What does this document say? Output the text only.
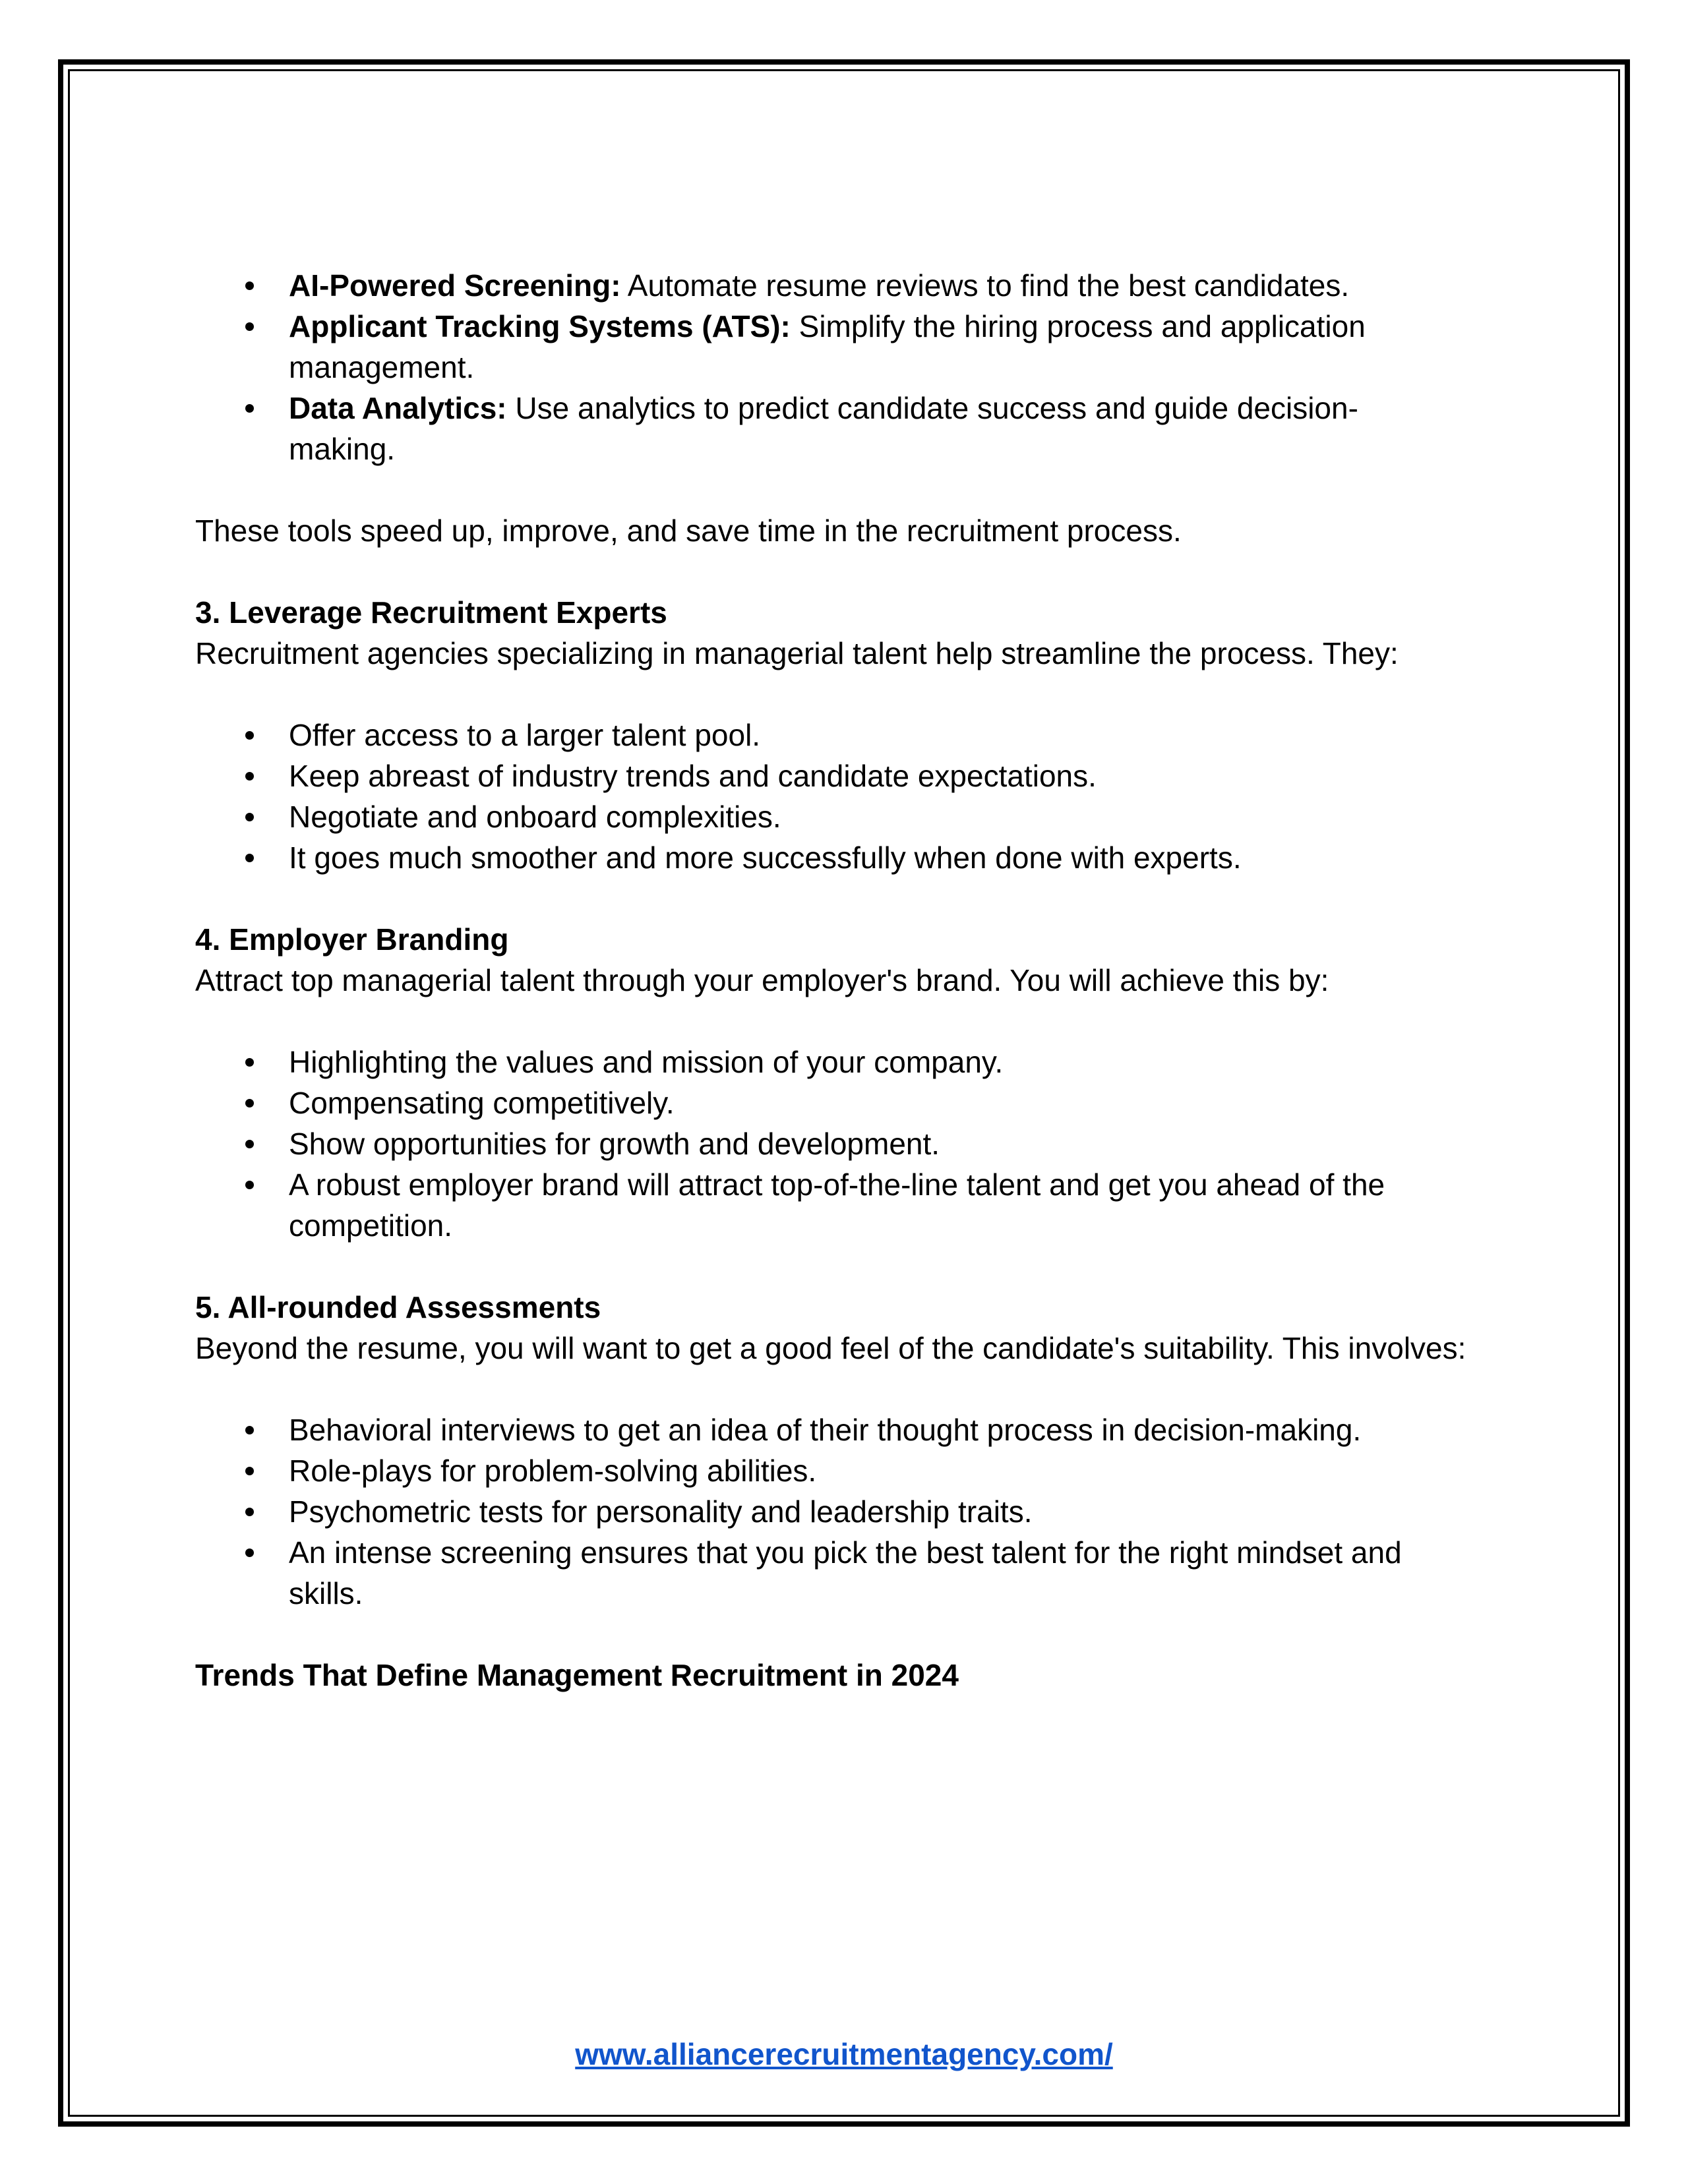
AI-Powered Screening: Automate resume reviews to find the best candidates.
Applicant Tracking Systems (ATS): Simplify the hiring process and application management.
Data Analytics: Use analytics to predict candidate success and guide decision-making.

These tools speed up, improve, and save time in the recruitment process.

3. Leverage Recruitment Experts

Recruitment agencies specializing in managerial talent help streamline the process. They:

Offer access to a larger talent pool.
Keep abreast of industry trends and candidate expectations.
Negotiate and onboard complexities.
It goes much smoother and more successfully when done with experts.
4. Employer Branding

Attract top managerial talent through your employer's brand. You will achieve this by:

Highlighting the values and mission of your company.
Compensating competitively.
Show opportunities for growth and development.
A robust employer brand will attract top-of-the-line talent and get you ahead of the competition.
5. All-rounded Assessments

Beyond the resume, you will want to get a good feel of the candidate's suitability. This involves:

Behavioral interviews to get an idea of their thought process in decision-making.
Role-plays for problem-solving abilities.
Psychometric tests for personality and leadership traits.
An intense screening ensures that you pick the best talent for the right mindset and skills.
Trends That Define Management Recruitment in 2024
www.alliancerecruitmentagency.com/
